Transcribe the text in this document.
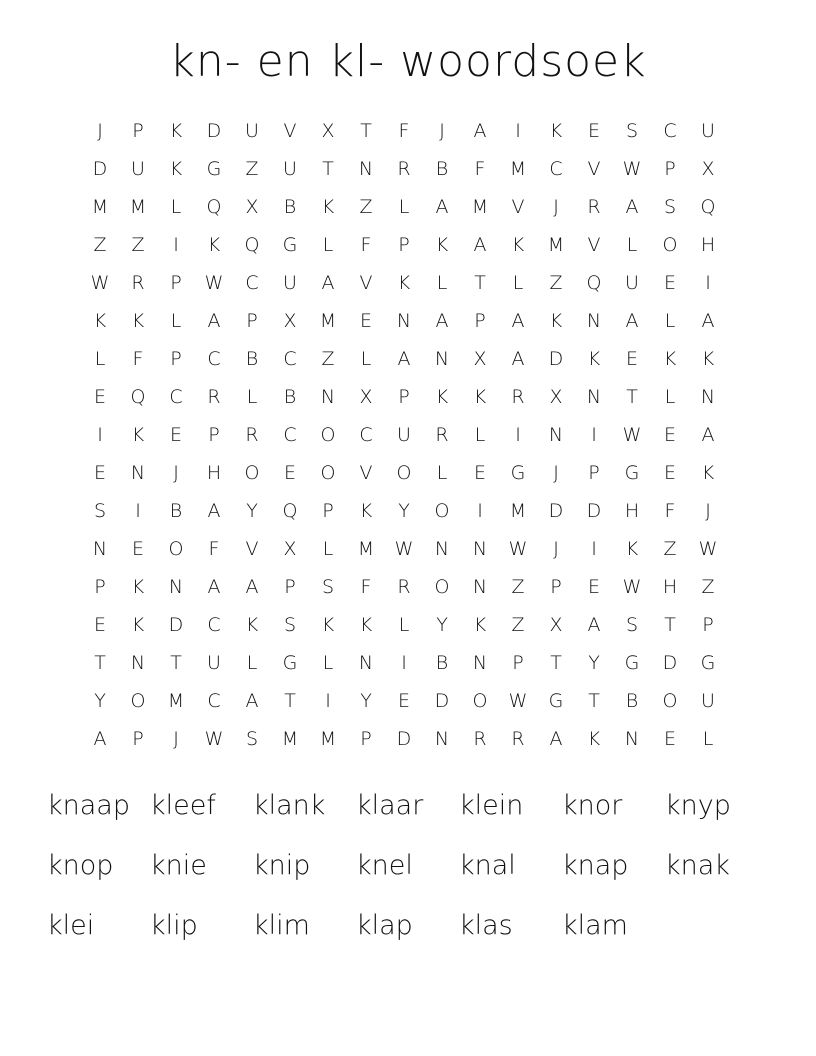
kn- en kl- woordsoek
J	P	K	D	U	V	X	T	F	J	A	I	K	E	S	C	U
D	U	K	G	Z	U	T	N	R	B	F	M	C	V	W	P	X
M	M	L	Q	X	B	K	Z	L	A	M	V	J	R	A	S	Q
Z	Z	I	K	Q	G	L	F	P	K	A	K	M	V	L	O	H
W	R	P	W	C	U	A	V	K	L	T	L	Z	Q	U	E	I
K	K	L	A	P	X	M	E	N	A	P	A	K	N	A	L	A
L	F	P	C	B	C	Z	L	A	N	X	A	D	K	E	K	K
E	Q	C	R	L	B	N	X	P	K	K	R	X	N	T	L	N
I	K	E	P	R	C	O	C	U	R	L	I	N	I	W	E	A
E	N	J	H	O	E	O	V	O	L	E	G	J	P	G	E	K
S	I	B	A	Y	Q	P	K	Y	O	I	M	D	D	H	F	J
N	E	O	F	V	X	L	M	W	N	N	W	J	I	K	Z	W
P	K	N	A	A	P	S	F	R	O	N	Z	P	E	W	H	Z
E	K	D	C	K	S	K	K	L	Y	K	Z	X	A	S	T	P
T	N	T	U	L	G	L	N	I	B	N	P	T	Y	G	D	G
Y	O	M	C	A	T	I	Y	E	D	O	W	G	T	B	O	U
A	P	J	W	S	M	M	P	D	N	R	R	A	K	N	E	L
knaap kleef	klank	klaar	klein	knor	knyp
knop	knie	knip	knel	knal	knap	knak
klei	klip	klim	klap	klas	klam
